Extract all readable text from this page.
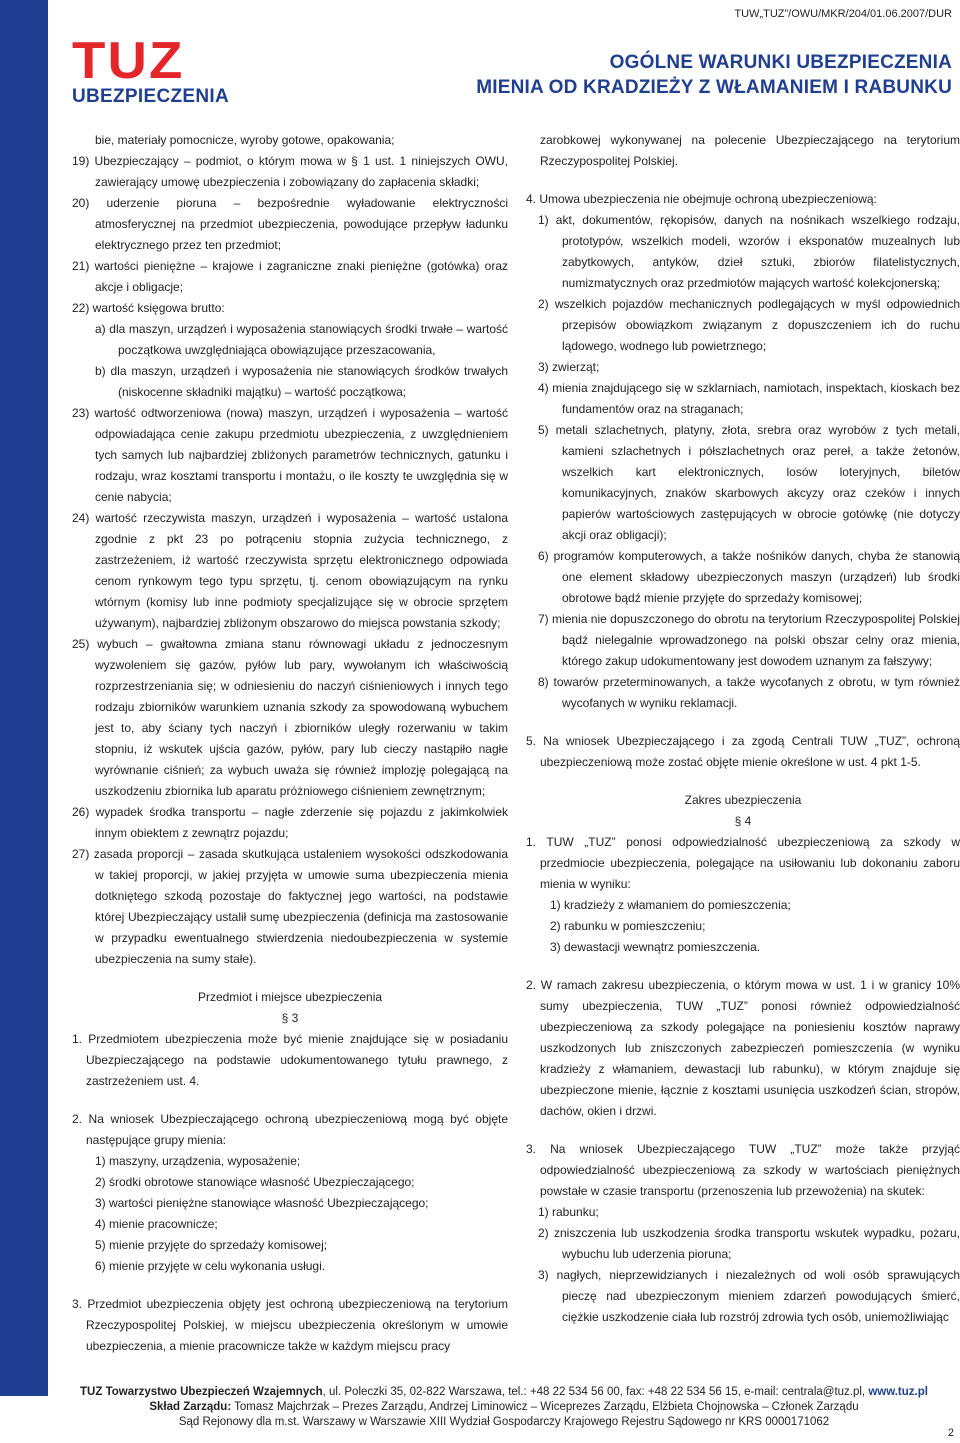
TUZ
UBEZPIECZENIA
TUW„TUZ”/OWU/MKR/204/01.06.2007/DUR
OGÓLNE WARUNKI UBEZPIECZENIA
MIENIA OD KRADZIEŻY Z WŁAMANIEM I RABUNKU

bie, materiały pomocnicze, wyroby gotowe, opakowania;

19) Ubezpieczający – podmiot, o którym mowa w § 1 ust. 1 niniejszych OWU, zawierający umowę ubezpieczenia i zobowiązany do zapłacenia składki;

20) uderzenie pioruna – bezpośrednie wyładowanie elektryczności atmosferycznej na przedmiot ubezpieczenia, powodujące przepływ ładunku elektrycznego przez ten przedmiot;

21) wartości pieniężne – krajowe i zagraniczne znaki pieniężne (gotówka) oraz akcje i obligacje;

22) wartość księgowa brutto:

a) dla maszyn, urządzeń i wyposażenia stanowiących środki trwałe – wartość początkowa uwzględniająca obowiązujące przeszacowania,

b) dla maszyn, urządzeń i wyposażenia nie stanowiących środków trwałych (niskocenne składniki majątku) – wartość początkowa;

23) wartość odtworzeniowa (nowa) maszyn, urządzeń i wyposażenia – wartość odpowiadająca cenie zakupu przedmiotu ubezpieczenia, z uwzględnieniem tych samych lub najbardziej zbliżonych parametrów technicznych, gatunku i rodzaju, wraz kosztami transportu i montażu, o ile koszty te uwzględnia się w cenie nabycia;

24) wartość rzeczywista maszyn, urządzeń i wyposażenia – wartość ustalona zgodnie z pkt 23 po potrąceniu stopnia zużycia technicznego, z zastrzeżeniem, iż wartość rzeczywista sprzętu elektronicznego odpowiada cenom rynkowym tego typu sprzętu, tj. cenom obowiązującym na rynku wtórnym (komisy lub inne podmioty specjalizujące się w obrocie sprzętem używanym), najbardziej zbliżonym obszarowo do miejsca powstania szkody;

25) wybuch – gwałtowna zmiana stanu równowagi układu z jednoczesnym wyzwoleniem się gazów, pyłów lub pary, wywołanym ich właściwością rozprzestrzeniania się; w odniesieniu do naczyń ciśnieniowych i innych tego rodzaju zbiorników warunkiem uznania szkody za spowodowaną wybuchem jest to, aby ściany tych naczyń i zbiorników uległy rozerwaniu w takim stopniu, iż wskutek ujścia gazów, pyłów, pary lub cieczy nastąpiło nagłe wyrównanie ciśnień; za wybuch uważa się również implozję polegającą na uszkodzeniu zbiornika lub aparatu próżniowego ciśnieniem zewnętrznym;

26) wypadek środka transportu – nagłe zderzenie się pojazdu z jakimkolwiek innym obiektem z zewnątrz pojazdu;

27) zasada proporcji – zasada skutkująca ustaleniem wysokości odszkodowania w takiej proporcji, w jakiej przyjęta w umowie suma ubezpieczenia mienia dotkniętego szkodą pozostaje do faktycznej jego wartości, na podstawie której Ubezpieczający ustalił sumę ubezpieczenia (definicja ma zastosowanie w przypadku ewentualnego stwierdzenia niedoubezpieczenia w systemie ubezpieczenia na sumy stałe).

Przedmiot i miejsce ubezpieczenia

§ 3

1. Przedmiotem ubezpieczenia może być mienie znajdujące się w posiadaniu Ubezpieczającego na podstawie udokumentowanego tytułu prawnego, z zastrzeżeniem ust. 4.

2. Na wniosek Ubezpieczającego ochroną ubezpieczeniową mogą być objęte następujące grupy mienia:

1) maszyny, urządzenia, wyposażenie;

2) środki obrotowe stanowiące własność Ubezpieczającego;

3) wartości pieniężne stanowiące własność Ubezpieczającego;

4) mienie pracownicze;

5) mienie przyjęte do sprzedaży komisowej;

6) mienie przyjęte w celu wykonania usługi.

3. Przedmiot ubezpieczenia objęty jest ochroną ubezpieczeniową na terytorium Rzeczypospolitej Polskiej, w miejscu ubezpieczenia określonym w umowie ubezpieczenia, a mienie pracownicze także w każdym miejscu pracy

zarobkowej wykonywanej na polecenie Ubezpieczającego na terytorium Rzeczypospolitej Polskiej.

4. Umowa ubezpieczenia nie obejmuje ochroną ubezpieczeniową:

1) akt, dokumentów, rękopisów, danych na nośnikach wszelkiego rodzaju, prototypów, wszelkich modeli, wzorów i eksponatów muzealnych lub zabytkowych, antyków, dzieł sztuki, zbiorów filatelistycznych, numizmatycznych oraz przedmiotów mających wartość kolekcjonerską;

2) wszelkich pojazdów mechanicznych podlegających w myśl odpowiednich przepisów obowiązkom związanym z dopuszczeniem ich do ruchu lądowego, wodnego lub powietrznego;

3) zwierząt;

4) mienia znajdującego się w szklarniach, namiotach, inspektach, kioskach bez fundamentów oraz na straganach;

5) metali szlachetnych, platyny, złota, srebra oraz wyrobów z tych metali, kamieni szlachetnych i półszlachetnych oraz pereł, a także żetonów, wszelkich kart elektronicznych, losów loteryjnych, biletów komunikacyjnych, znaków skarbowych akcyzy oraz czeków i innych papierów wartościowych zastępujących w obrocie gotówkę (nie dotyczy akcji oraz obligacji);

6) programów komputerowych, a także nośników danych, chyba że stanowią one element składowy ubezpieczonych maszyn (urządzeń) lub środki obrotowe bądź mienie przyjęte do sprzedaży komisowej;

7) mienia nie dopuszczonego do obrotu na terytorium Rzeczypospolitej Polskiej bądź nielegalnie wprowadzonego na polski obszar celny oraz mienia, którego zakup udokumentowany jest dowodem uznanym za fałszywy;

8) towarów przeterminowanych, a także wycofanych z obrotu, w tym również wycofanych w wyniku reklamacji.

5. Na wniosek Ubezpieczającego i za zgodą Centrali TUW „TUZ”, ochroną ubezpieczeniową może zostać objęte mienie określone w ust. 4 pkt 1-5.

Zakres ubezpieczenia

§ 4

1. TUW „TUZ” ponosi odpowiedzialność ubezpieczeniową za szkody w przedmiocie ubezpieczenia, polegające na usiłowaniu lub dokonaniu zaboru mienia w wyniku:

1) kradzieży z włamaniem do pomieszczenia;

2) rabunku w pomieszczeniu;

3) dewastacji wewnątrz pomieszczenia.

2. W ramach zakresu ubezpieczenia, o którym mowa w ust. 1 i w granicy 10% sumy ubezpieczenia, TUW „TUZ” ponosi również odpowiedzialność ubezpieczeniową za szkody polegające na poniesieniu kosztów naprawy uszkodzonych lub zniszczonych zabezpieczeń pomieszczenia (w wyniku kradzieży z włamaniem, dewastacji lub rabunku), w którym znajduje się ubezpieczone mienie, łącznie z kosztami usunięcia uszkodzeń ścian, stropów, dachów, okien i drzwi.

3. Na wniosek Ubezpieczającego TUW „TUZ” może także przyjąć odpowiedzialność ubezpieczeniową za szkody w wartościach pieniężnych powstałe w czasie transportu (przenoszenia lub przewożenia) na skutek:

1) rabunku;

2) zniszczenia lub uszkodzenia środka transportu wskutek wypadku, pożaru, wybuchu lub uderzenia pioruna;

3) nagłych, nieprzewidzianych i niezależnych od woli osób sprawujących pieczę nad ubezpieczonym mieniem zdarzeń powodujących śmierć, ciężkie uszkodzenie ciała lub rozstrój zdrowia tych osób, uniemożliwiając

TUZ Towarzystwo Ubezpieczeń Wzajemnych, ul. Poleczki 35, 02-822 Warszawa, tel.: +48 22 534 56 00, fax: +48 22 534 56 15, e-mail: centrala@tuz.pl, www.tuz.pl
Skład Zarządu: Tomasz Majchrzak – Prezes Zarządu, Andrzej Liminowicz – Wiceprezes Zarządu, Elżbieta Chojnowska – Członek Zarządu
Sąd Rejonowy dla m.st. Warszawy w Warszawie XIII Wydział Gospodarczy Krajowego Rejestru Sądowego nr KRS 0000171062
2
